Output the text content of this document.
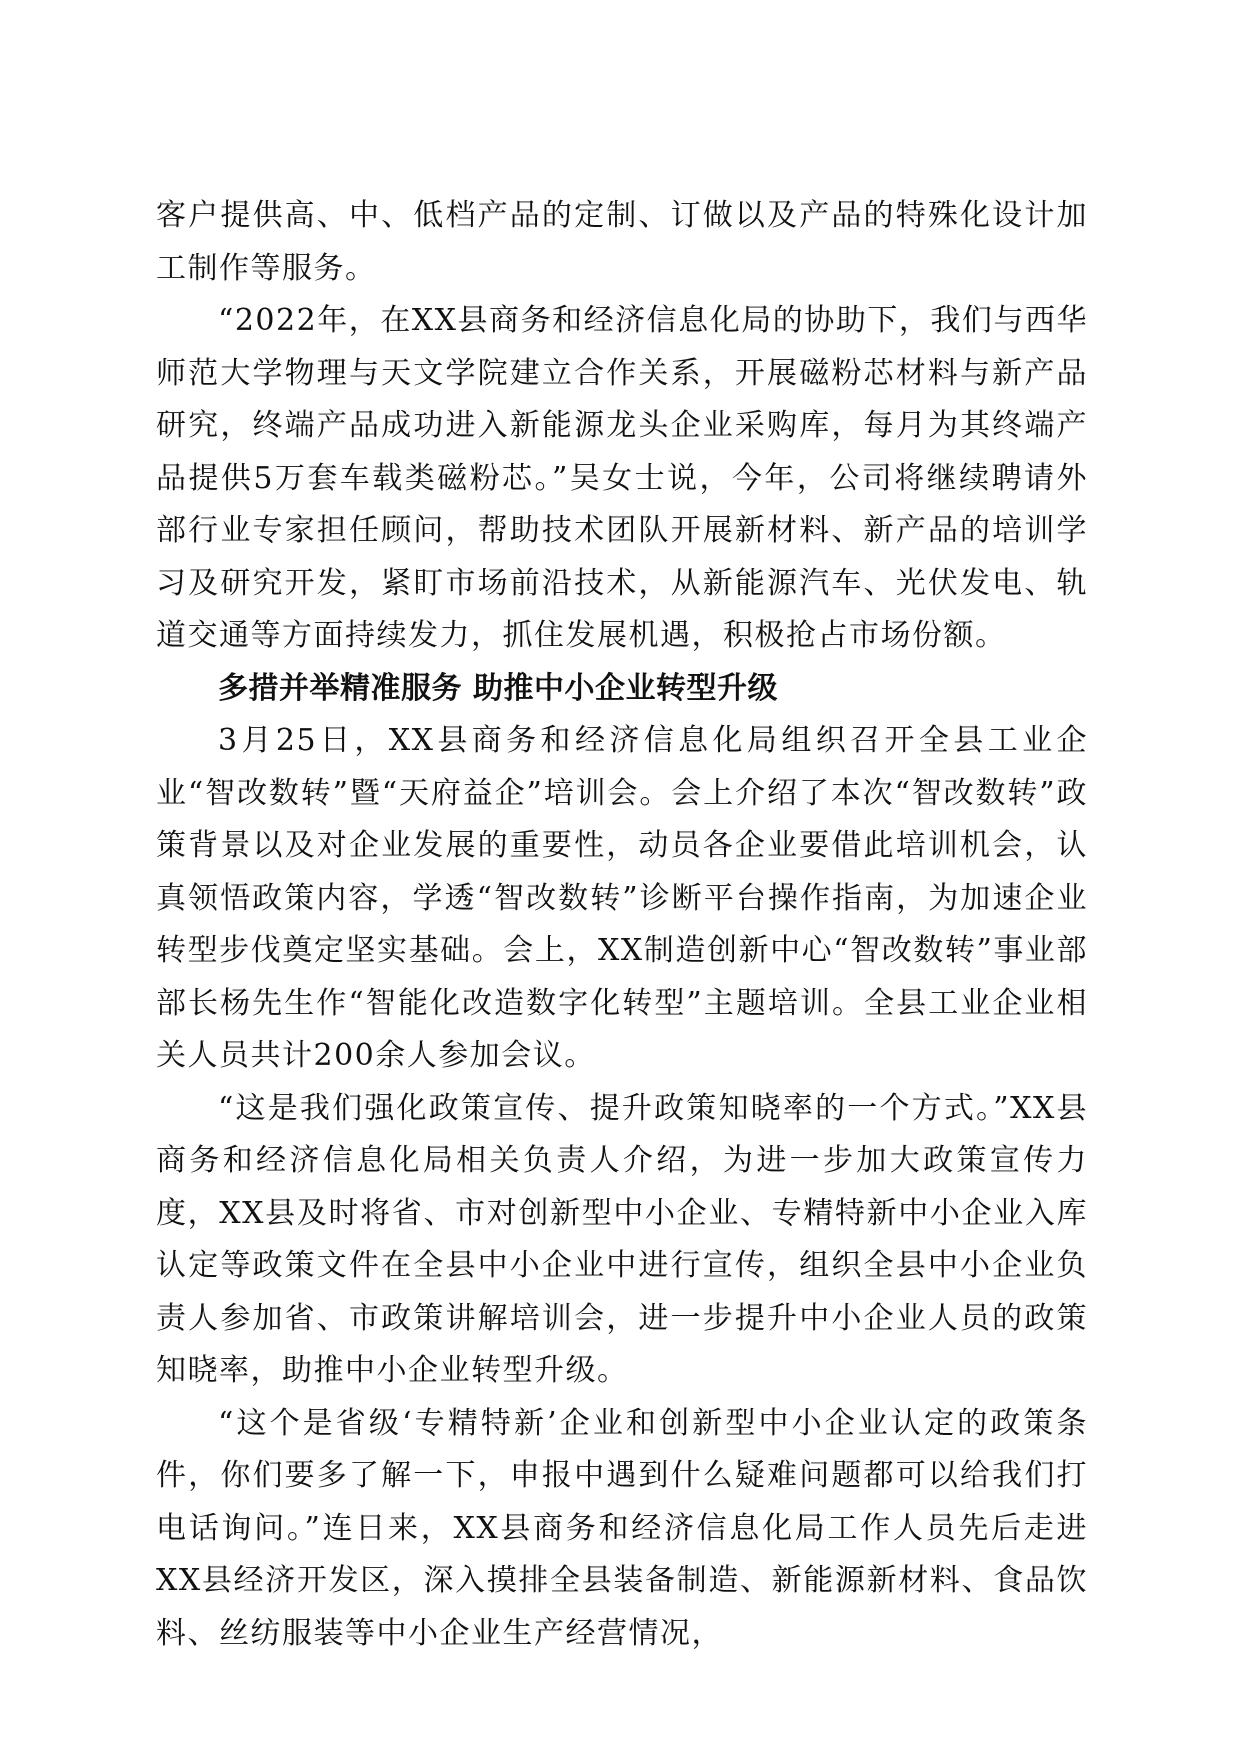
客户提供高、中、低档产品的定制、订做以及产品的特殊化设计加工制作等服务。

“2022年，在XX县商务和经济信息化局的协助下，我们与西华师范大学物理与天文学院建立合作关系，开展磁粉芯材料与新产品研究，终端产品成功进入新能源龙头企业采购库，每月为其终端产品提供5万套车载类磁粉芯。”吴女士说，今年，公司将继续聘请外部行业专家担任顾问，帮助技术团队开展新材料、新产品的培训学习及研究开发，紧盯市场前沿技术，从新能源汽车、光伏发电、轨道交通等方面持续发力，抓住发展机遇，积极抢占市场份额。

多措并举精准服务 助推中小企业转型升级

3月25日，XX县商务和经济信息化局组织召开全县工业企业“智改数转”暨“天府益企”培训会。会上介绍了本次“智改数转”政策背景以及对企业发展的重要性，动员各企业要借此培训机会，认真领悟政策内容，学透“智改数转”诊断平台操作指南，为加速企业转型步伐奠定坚实基础。会上，XX制造创新中心“智改数转”事业部部长杨先生作“智能化改造数字化转型”主题培训。全县工业企业相关人员共计200余人参加会议。

“这是我们强化政策宣传、提升政策知晓率的一个方式。”XX县商务和经济信息化局相关负责人介绍，为进一步加大政策宣传力度，XX县及时将省、市对创新型中小企业、专精特新中小企业入库认定等政策文件在全县中小企业中进行宣传，组织全县中小企业负责人参加省、市政策讲解培训会，进一步提升中小企业人员的政策知晓率，助推中小企业转型升级。

“这个是省级‘专精特新’企业和创新型中小企业认定的政策条件，你们要多了解一下，申报中遇到什么疑难问题都可以给我们打电话询问。”连日来，XX县商务和经济信息化局工作人员先后走进XX县经济开发区，深入摸排全县装备制造、新能源新材料、食品饮料、丝纺服装等中小企业生产经营情况，
